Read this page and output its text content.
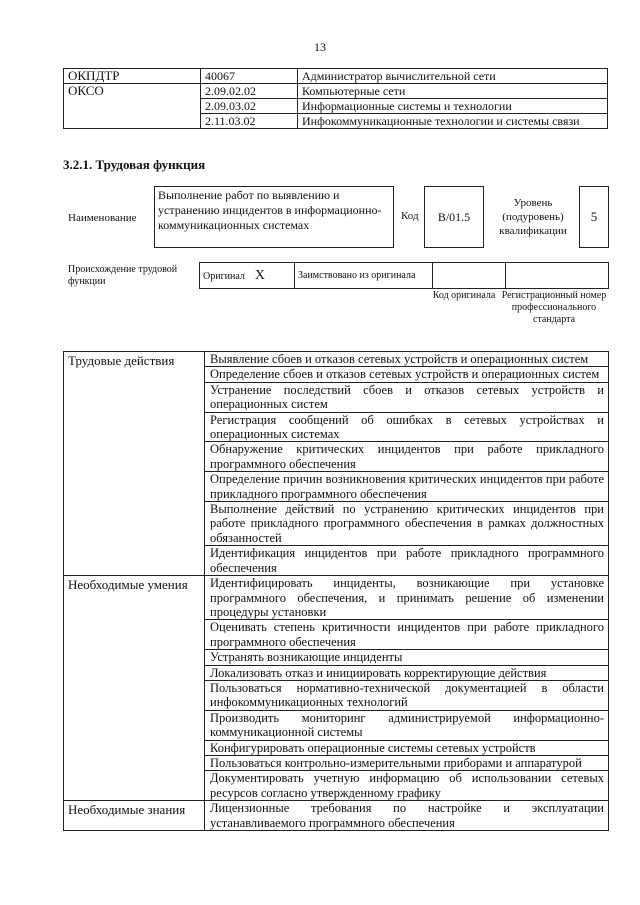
13
ОКПДТР	40067	Администратор вычислительной сети
ОКСО	2.09.02.02	Компьютерные сети
	2.09.03.02	Информационные системы и технологии
	2.11.03.02	Инфокоммуникационные технологии и системы связи
3.2.1. Трудовая функция
Наименование
Выполнение работ по выявлению и устранению инцидентов в информационно-коммуникационных системах
Код	B/01.5
Уровень (подуровень) квалификации
5
Происхождение трудовой функции	Оригинал X	Заимствовано из оригинала		
Код оригинала Регистрационный номер профессионального стандарта
Трудовые действия	Выявление сбоев и отказов сетевых устройств и операционных систем
	Определение сбоев и отказов сетевых устройств и операционных систем
	Устранение последствий сбоев и отказов сетевых устройств и операционных систем
	Регистрация сообщений об ошибках в сетевых устройствах и операционных системах
	Обнаружение критических инцидентов при работе прикладного программного обеспечения
	Определение причин возникновения критических инцидентов при работе прикладного программного обеспечения
	Выполнение действий по устранению критических инцидентов при работе прикладного программного обеспечения в рамках должностных обязанностей
	Идентификация инцидентов при работе прикладного программного обеспечения
Необходимые умения	Идентифицировать инциденты, возникающие при установке программного обеспечения, и принимать решение об изменении процедуры установки
	Оценивать степень критичности инцидентов при работе прикладного программного обеспечения
	Устранять возникающие инциденты
	Локализовать отказ и инициировать корректирующие действия
	Пользоваться нормативно-технической документацией в области инфокоммуникационных технологий
	Производить мониторинг администрируемой информационно-коммуникационной системы
	Конфигурировать операционные системы сетевых устройств
	Пользоваться контрольно-измерительными приборами и аппаратурой
	Документировать учетную информацию об использовании сетевых ресурсов согласно утвержденному графику
Необходимые знания	Лицензионные требования по настройке и эксплуатации устанавливаемого программного обеспечения
